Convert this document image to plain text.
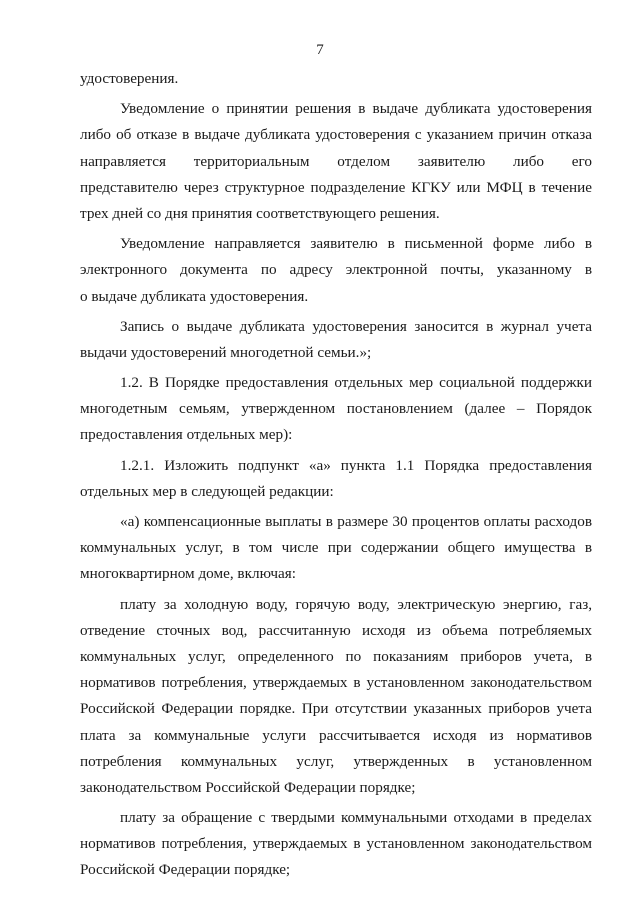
7
удостоверения.
Уведомление о принятии решения в выдаче дубликата удостоверения
либо об отказе в выдаче дубликата удостоверения с указанием причин отказа
направляется территориальным отделом заявителю либо его
представителю через структурное подразделение КГКУ или МФЦ в течение
трех дней со дня принятия соответствующего решения.
Уведомление направляется заявителю в письменной форме либо в
электронного документа по адресу электронной почты, указанному в
о выдаче дубликата удостоверения.
Запись о выдаче дубликата удостоверения заносится в журнал учета
выдачи удостоверений многодетной семьи.»;
1.2. В Порядке предоставления отдельных мер социальной поддержки
многодетным семьям, утвержденном постановлением (далее – Порядок
предоставления отдельных мер):
1.2.1. Изложить подпункт «а» пункта 1.1 Порядка предоставления
отдельных мер в следующей редакции:
«а) компенсационные выплаты в размере 30 процентов оплаты расходов
коммунальных услуг, в том числе при содержании общего имущества в
многоквартирном доме, включая:
плату за холодную воду, горячую воду, электрическую энергию, газ,
отведение сточных вод, рассчитанную исходя из объема потребляемых
коммунальных услуг, определенного по показаниям приборов учета, в
нормативов потребления, утверждаемых в установленном законодательством
Российской Федерации порядке. При отсутствии указанных приборов учета
плата за коммунальные услуги рассчитывается исходя из нормативов
потребления коммунальных услуг, утвержденных в установленном
законодательством Российской Федерации порядке;
плату за обращение с твердыми коммунальными отходами в пределах
нормативов потребления, утверждаемых в установленном законодательством
Российской Федерации порядке;
